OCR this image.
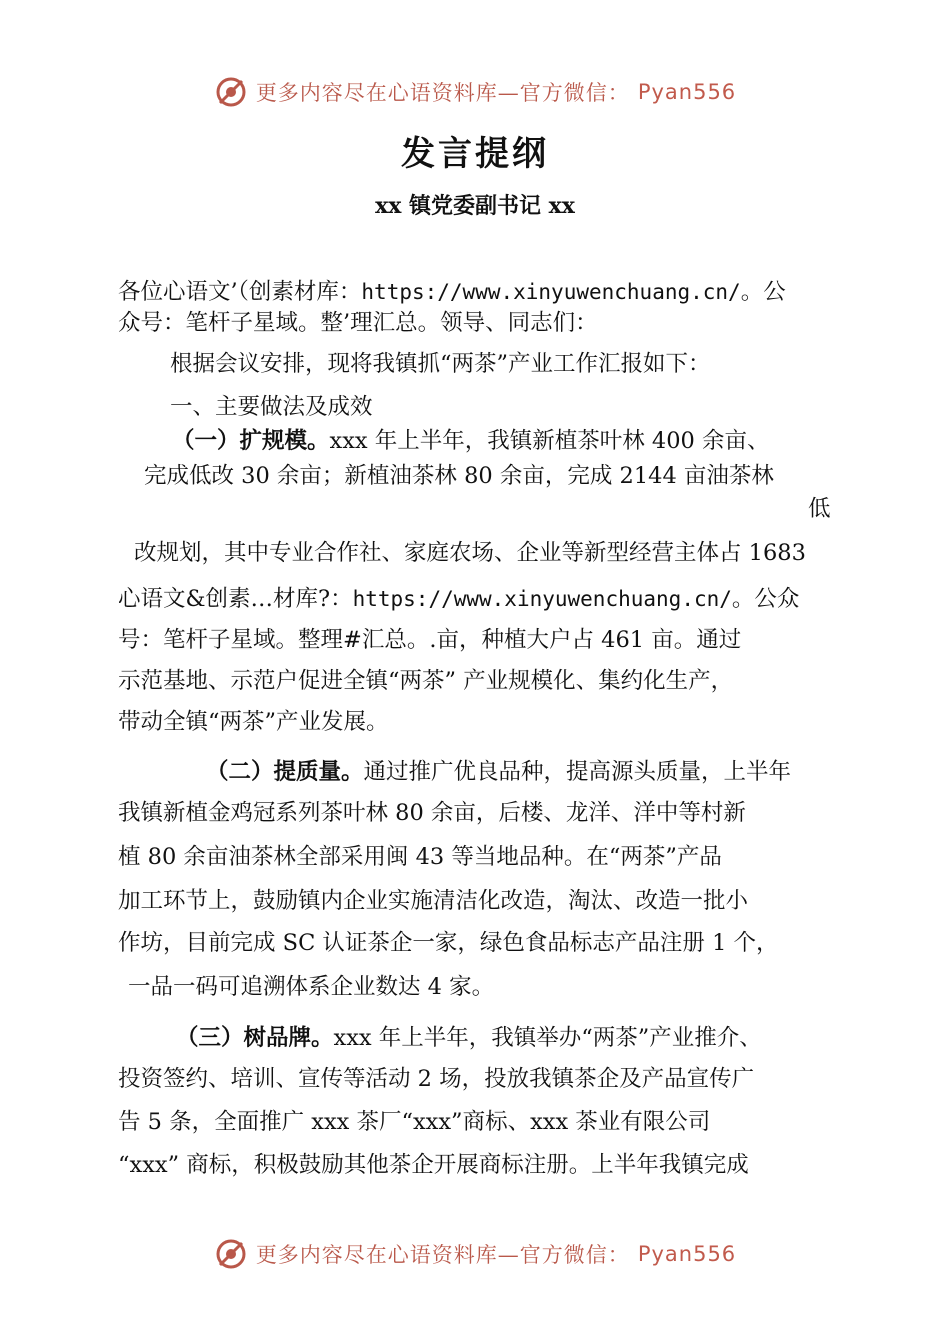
更多内容尽在心语资料库—官方微信： Pyan556
发言提纲
xx 镇党委副书记 xx
各位心语文’（创素材库：https://www.xinyuwenchuang.cn/。公
众号：笔杆子星域。整’理汇总。领导、同志们：
根据会议安排，现将我镇抓“两茶”产业工作汇报如下：
一、主要做法及成效
（一）扩规模。xxx 年上半年，我镇新植茶叶林 400 余亩、
完成低改 30 余亩；新植油茶林 80 余亩，完成 2144 亩油茶林
低
改规划，其中专业合作社、家庭农场、企业等新型经营主体占 1683
心语文&创素…材库?：https://www.xinyuwenchuang.cn/。公众
号：笔杆子星域。整理#汇总。.亩，种植大户占 461 亩。通过
示范基地、示范户促进全镇“两茶” 产业规模化、集约化生产，
带动全镇“两茶”产业发展。
（二）提质量。通过推广优良品种，提高源头质量，上半年
我镇新植金鸡冠系列茶叶林 80 余亩，后楼、龙洋、洋中等村新
植 80 余亩油茶林全部采用闽 43 等当地品种。在“两茶”产品
加工环节上，鼓励镇内企业实施清洁化改造，淘汰、改造一批小
作坊，目前完成 SC 认证茶企一家，绿色食品标志产品注册 1 个，
一品一码可追溯体系企业数达 4 家。
（三）树品牌。xxx 年上半年，我镇举办“两茶”产业推介、
投资签约、培训、宣传等活动 2 场，投放我镇茶企及产品宣传广
告 5 条，全面推广 xxx 茶厂“xxx”商标、xxx 茶业有限公司
“xxx” 商标，积极鼓励其他茶企开展商标注册。上半年我镇完成
更多内容尽在心语资料库—官方微信： Pyan556
